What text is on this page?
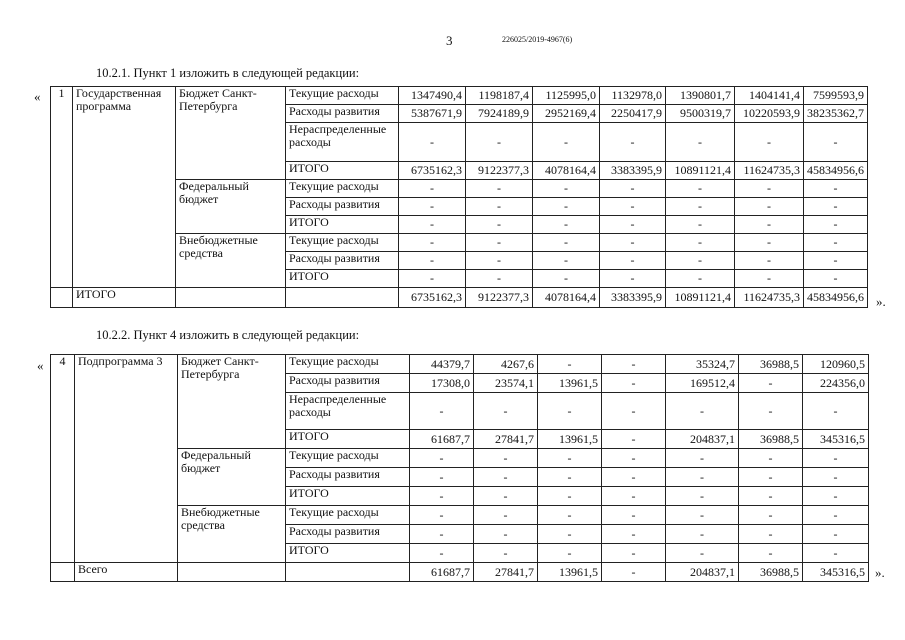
3	226025/2019-4967(6)
10.2.1. Пункт 1 изложить в следующей редакции:
«
».
1	Государственная программа	Бюджет Санкт-Петербурга	Текущие расходы	1347490,4	1198187,4	1125995,0	1132978,0	1390801,7	1404141,4	7599593,9
			Расходы развития	5387671,9	7924189,9	2952169,4	2250417,9	9500319,7	10220593,9	38235362,7
			Нераспределенные расходы	-	-	-	-	-	-	-
			ИТОГО	6735162,3	9122377,3	4078164,4	3383395,9	10891121,4	11624735,3	45834956,6
		Федеральный бюджет	Текущие расходы	-	-	-	-	-	-	-
			Расходы развития	-	-	-	-	-	-	-
			ИТОГО	-	-	-	-	-	-	-
		Внебюджетные средства	Текущие расходы	-	-	-	-	-	-	-
			Расходы развития	-	-	-	-	-	-	-
			ИТОГО	-	-	-	-	-	-	-
	ИТОГО			6735162,3	9122377,3	4078164,4	3383395,9	10891121,4	11624735,3	45834956,6
10.2.2. Пункт 4 изложить в следующей редакции:
«
».
4	Подпрограмма 3	Бюджет Санкт-Петербурга	Текущие расходы	44379,7	4267,6	-	-	35324,7	36988,5	120960,5
			Расходы развития	17308,0	23574,1	13961,5	-	169512,4	-	224356,0
			Нераспределенные расходы	-	-	-	-	-	-	-
			ИТОГО	61687,7	27841,7	13961,5	-	204837,1	36988,5	345316,5
		Федеральный бюджет	Текущие расходы	-	-	-	-	-	-	-
			Расходы развития	-	-	-	-	-	-	-
			ИТОГО	-	-	-	-	-	-	-
		Внебюджетные средства	Текущие расходы	-	-	-	-	-	-	-
			Расходы развития	-	-	-	-	-	-	-
			ИТОГО	-	-	-	-	-	-	-
	Всего			61687,7	27841,7	13961,5	-	204837,1	36988,5	345316,5
